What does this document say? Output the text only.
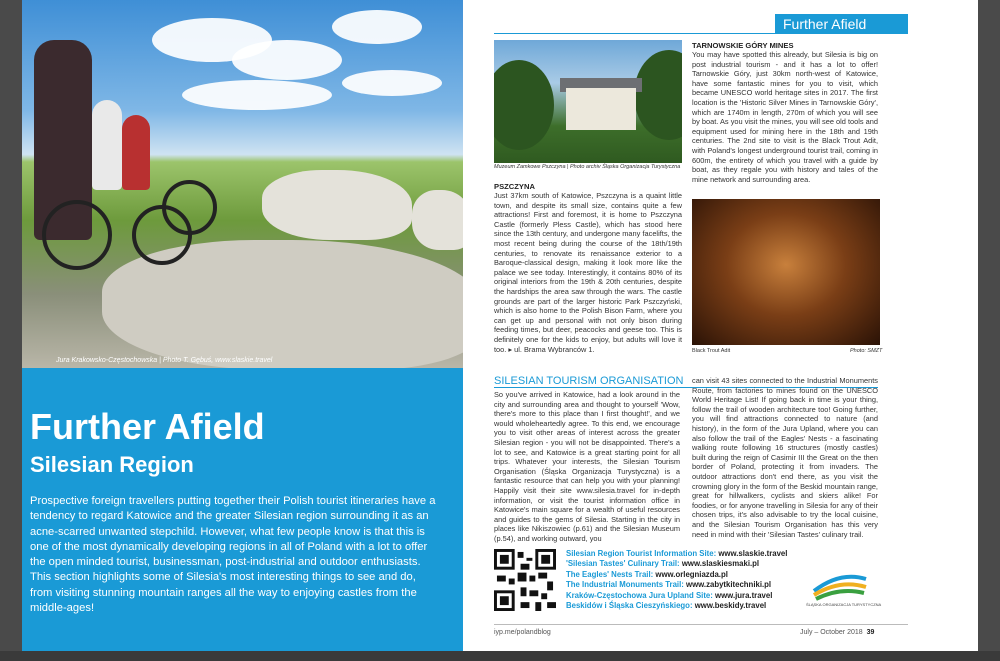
Jura Krakowsko-Częstochowska | Photo T. Gębuś, www.slaskie.travel
Further Afield
Silesian Region
Prospective foreign travellers putting together their Polish tourist itineraries have a tendency to regard Katowice and the greater Silesian region surrounding it as an acne-scarred unwanted stepchild. However, what few people know is that this is one of the most dynamically developing regions in all of Poland with a lot to offer the open minded tourist, businessman, post-industrial and outdoor enthusiasts. This section highlights some of Silesia's most interesting things to see and do, from visiting stunning mountain ranges all the way to enjoying castles from the middle-ages!
Further Afield
Muzeum Zamkowe Pszczyna | Photo archiv Śląska Organizacja Turystyczna
PSZCZYNA
Just 37km south of Katowice, Pszczyna is a quaint little town, and despite its small size, contains quite a few attractions! First and foremost, it is home to Pszczyna Castle (formerly Pless Castle), which has stood here since the 13th century, and undergone many facelifts, the most recent being during the course of the 18th/19th centuries, to renovate its renaissance exterior to a Baroque-classical design, making it look more like the palace we see today. Interestingly, it contains 80% of its original interiors from the 19th & 20th centuries, despite the hardships the area saw through the wars. The castle grounds are part of the larger historic Park Pszczyński, which is also home to the Polish Bison Farm, where you can get up and personal with not only bison during feeding times, but deer, peacocks and geese too. This is definitely one for the kids to enjoy, but adults will love it too. ▸ ul. Brama Wybranców 1.
TARNOWSKIE GÓRY MINES
You may have spotted this already, but Silesia is big on post industrial tourism - and it has a lot to offer! Tarnowskie Góry, just 30km north-west of Katowice, have some fantastic mines for you to visit, which became UNESCO world heritage sites in 2017. The first location is the 'Historic Silver Mines in Tarnowskie Góry', which are 1740m in length, 270m of which you will see by boat. As you visit the mines, you will see old tools and equipment used for mining here in the 18th and 19th centuries. The 2nd site to visit is the Black Trout Adit, with Poland's longest underground tourist trail, coming in 600m, the entirety of which you travel with a guide by boat, as they regale you with history and tales of the mine network and surrounding area.
Black Trout Adit	Photo: SMZT
SILESIAN TOURISM ORGANISATION
So you've arrived in Katowice, had a look around in the city and surrounding area and thought to yourself 'Wow, there's more to this place than I first thought!', and we would wholeheartedly agree. To this end, we encourage you to visit other areas of interest across the greater Silesian region - you will not be disappointed. There's a lot to see, and Katowice is a great starting point for all trips. Whatever your interests, the Silesian Tourism Organisation (Śląska Organizacja Turystyczna) is a fantastic resource that can help you with your planning! Happily visit their site www.silesia.travel for in-depth information, or visit the tourist information office in Katowice's main square for a wealth of useful resources and guides to the gems of Silesia. Starting in the city in places like Nikiszowiec (p.61) and the Silesian Museum (p.54), and working outward, you
can visit 43 sites connected to the Industrial Monuments Route, from factories to mines found on the UNESCO World Heritage List! If going back in time is your thing, follow the trail of wooden architecture too! Going further, you will find attractions connected to nature (and history), in the form of the Jura Upland, where you can also follow the trail of the Eagles' Nests - a fascinating walking route following 16 structures (mostly castles) built during the reign of Casimir III the Great on the then border of Poland, protecting it from invaders. The outdoor attractions don't end there, as you visit the crowning glory in the form of the Beskid mountain range, great for hillwalkers, cyclists and skiers alike! For foodies, or for anyone travelling in Silesia for any of their chosen trips, it's also advisable to try the local cuisine, and the Silesian Tourism Organisation has this very need in mind with their 'Silesian Tastes' culinary trail.
Silesian Region Tourist Information Site: www.slaskie.travel
'Silesian Tastes' Culinary Trail: www.slaskiesmaki.pl
The Eagles' Nests Trail: www.orlegniazda.pl
The Industrial Monuments Trail: www.zabytkitechniki.pl
Kraków-Częstochowa Jura Upland Site: www.jura.travel
Beskidów i Śląska Cieszyńskiego: www.beskidy.travel	ŚLĄSKA ORGANIZACJA TURYSTYCZNA
iyp.me/polandblog	July – October 2018 39
